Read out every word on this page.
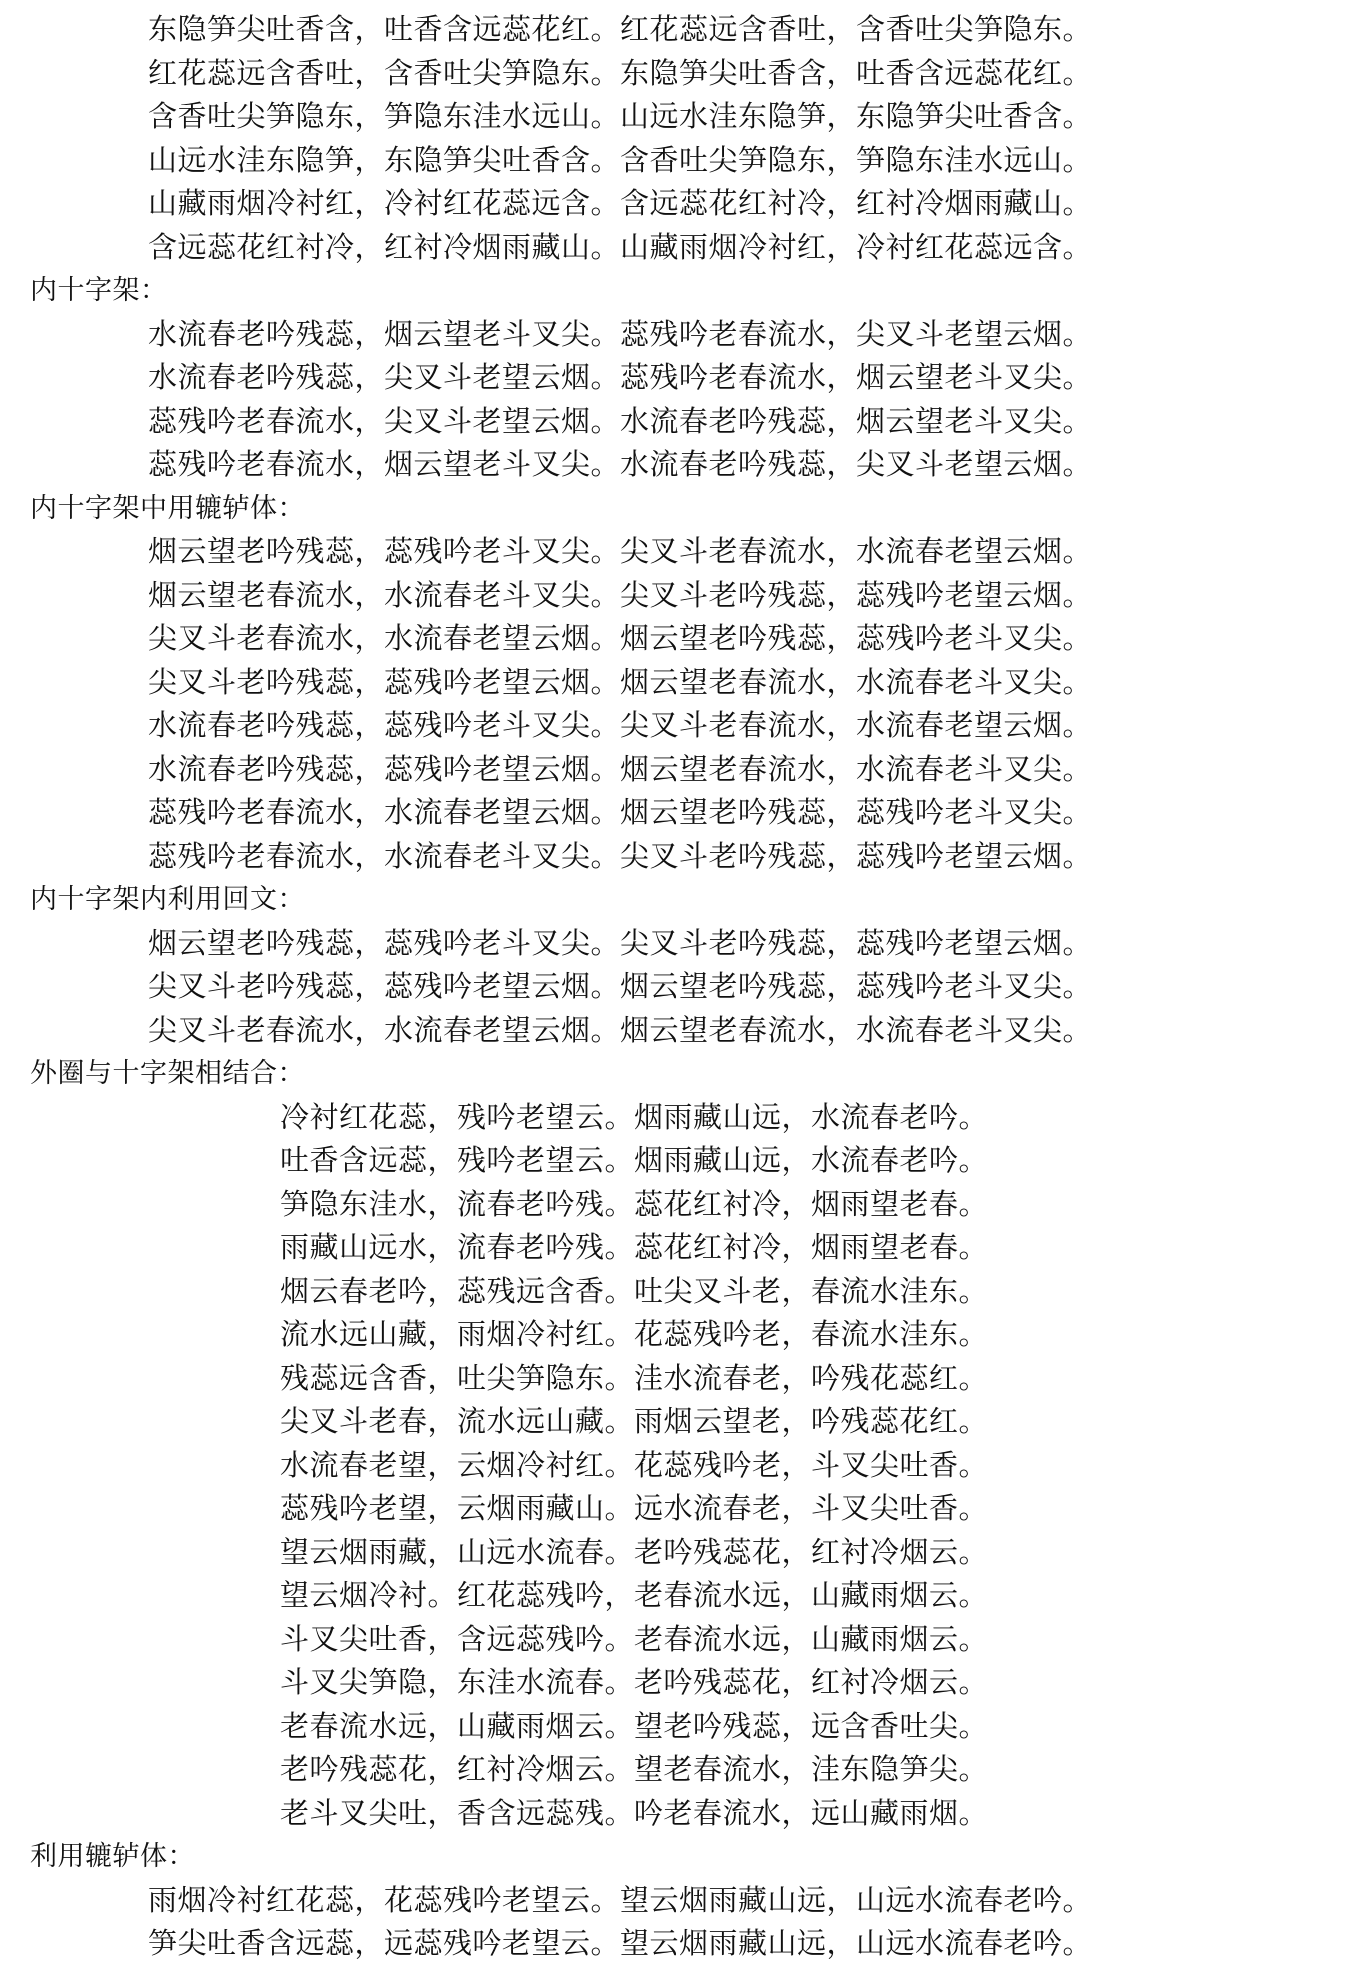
东隐笋尖吐香含，吐香含远蕊花红。红花蕊远含香吐，含香吐尖笋隐东。
红花蕊远含香吐，含香吐尖笋隐东。东隐笋尖吐香含，吐香含远蕊花红。
含香吐尖笋隐东，笋隐东洼水远山。山远水洼东隐笋，东隐笋尖吐香含。
山远水洼东隐笋，东隐笋尖吐香含。含香吐尖笋隐东，笋隐东洼水远山。
山藏雨烟冷衬红，冷衬红花蕊远含。含远蕊花红衬冷，红衬冷烟雨藏山。
含远蕊花红衬冷，红衬冷烟雨藏山。山藏雨烟冷衬红，冷衬红花蕊远含。
内十字架：
水流春老吟残蕊，烟云望老斗叉尖。蕊残吟老春流水，尖叉斗老望云烟。
水流春老吟残蕊，尖叉斗老望云烟。蕊残吟老春流水，烟云望老斗叉尖。
蕊残吟老春流水，尖叉斗老望云烟。水流春老吟残蕊，烟云望老斗叉尖。
蕊残吟老春流水，烟云望老斗叉尖。水流春老吟残蕊，尖叉斗老望云烟。
内十字架中用辘轳体：
烟云望老吟残蕊，蕊残吟老斗叉尖。尖叉斗老春流水，水流春老望云烟。
烟云望老春流水，水流春老斗叉尖。尖叉斗老吟残蕊，蕊残吟老望云烟。
尖叉斗老春流水，水流春老望云烟。烟云望老吟残蕊，蕊残吟老斗叉尖。
尖叉斗老吟残蕊，蕊残吟老望云烟。烟云望老春流水，水流春老斗叉尖。
水流春老吟残蕊，蕊残吟老斗叉尖。尖叉斗老春流水，水流春老望云烟。
水流春老吟残蕊，蕊残吟老望云烟。烟云望老春流水，水流春老斗叉尖。
蕊残吟老春流水，水流春老望云烟。烟云望老吟残蕊，蕊残吟老斗叉尖。
蕊残吟老春流水，水流春老斗叉尖。尖叉斗老吟残蕊，蕊残吟老望云烟。
内十字架内利用回文：
烟云望老吟残蕊，蕊残吟老斗叉尖。尖叉斗老吟残蕊，蕊残吟老望云烟。
尖叉斗老吟残蕊，蕊残吟老望云烟。烟云望老吟残蕊，蕊残吟老斗叉尖。
尖叉斗老春流水，水流春老望云烟。烟云望老春流水，水流春老斗叉尖。
外圈与十字架相结合：
冷衬红花蕊，残吟老望云。烟雨藏山远，水流春老吟。
吐香含远蕊，残吟老望云。烟雨藏山远，水流春老吟。
笋隐东洼水，流春老吟残。蕊花红衬冷，烟雨望老春。
雨藏山远水，流春老吟残。蕊花红衬冷，烟雨望老春。
烟云春老吟，蕊残远含香。吐尖叉斗老，春流水洼东。
流水远山藏，雨烟冷衬红。花蕊残吟老，春流水洼东。
残蕊远含香，吐尖笋隐东。洼水流春老，吟残花蕊红。
尖叉斗老春，流水远山藏。雨烟云望老，吟残蕊花红。
水流春老望，云烟冷衬红。花蕊残吟老，斗叉尖吐香。
蕊残吟老望，云烟雨藏山。远水流春老，斗叉尖吐香。
望云烟雨藏，山远水流春。老吟残蕊花，红衬冷烟云。
望云烟冷衬。红花蕊残吟，老春流水远，山藏雨烟云。
斗叉尖吐香，含远蕊残吟。老春流水远，山藏雨烟云。
斗叉尖笋隐，东洼水流春。老吟残蕊花，红衬冷烟云。
老春流水远，山藏雨烟云。望老吟残蕊，远含香吐尖。
老吟残蕊花，红衬冷烟云。望老春流水，洼东隐笋尖。
老斗叉尖吐，香含远蕊残。吟老春流水，远山藏雨烟。
利用辘轳体：
雨烟冷衬红花蕊，花蕊残吟老望云。望云烟雨藏山远，山远水流春老吟。
笋尖吐香含远蕊，远蕊残吟老望云。望云烟雨藏山远，山远水流春老吟。
